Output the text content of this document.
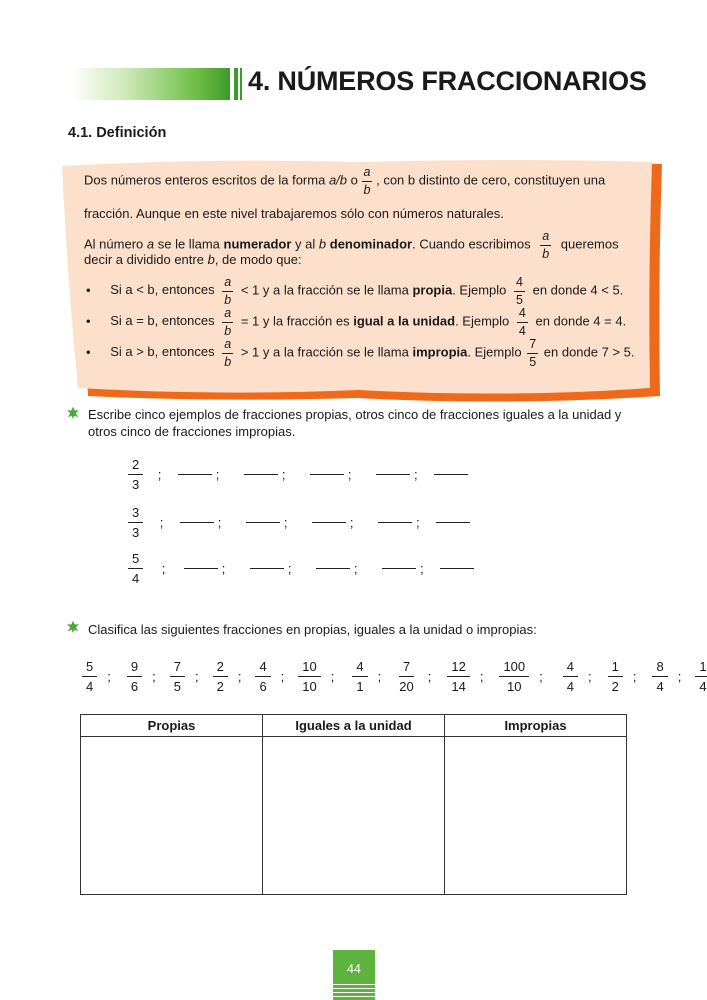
4. NÚMEROS FRACCIONARIOS
4.1. Definición
Dos números enteros escritos de la forma a/b o $\frac{a}{b}$ , con b distinto de cero, constituyen una
fracción. Aunque en este nivel trabajaremos sólo con números naturales.
Al número a se le llama numerador y al b denominador. Cuando escribimos $\frac{a}{b}$ queremos
decir a dividido entre b, de modo que:
• Si a < b, entonces $\frac{a}{b} < 1$ y a la fracción se le llama propia. Ejemplo $\frac{4}{5}$ en donde 4 < 5.
• Si a = b, entonces $\frac{a}{b} = 1$ y la fracción es igual a la unidad. Ejemplo $\frac{4}{4}$ en donde 4 = 4.
• Si a > b, entonces $\frac{a}{b} > 1$ y a la fracción se le llama impropia. Ejemplo $\frac{7}{5}$ en donde 7 > 5.
Escribe cinco ejemplos de fracciones propias, otros cinco de fracciones iguales a la unidad y
otros cinco de fracciones impropias.
$\frac{2}{3}$ ;	;	;	;	;
$\frac{3}{3}$ ;	;	;	;	;
$\frac{5}{4}$ ;	;	;	;	;
Clasifica las siguientes fracciones en propias, iguales a la unidad o impropias:
$\frac{5}{4}$ ; $\frac{9}{6}$ ; $\frac{7}{5}$ ; $\frac{2}{2}$ ; $\frac{4}{6}$ ; $\frac{10}{10}$ ; $\frac{4}{1}$ ; $\frac{7}{20}$ ; $\frac{12}{14}$ ; $\frac{100}{10}$ ; $\frac{4}{4}$ ; $\frac{1}{2}$ ; $\frac{8}{4}$ ; $\frac{1}{4}$
Propias	Iguales a la unidad	Impropias

44
